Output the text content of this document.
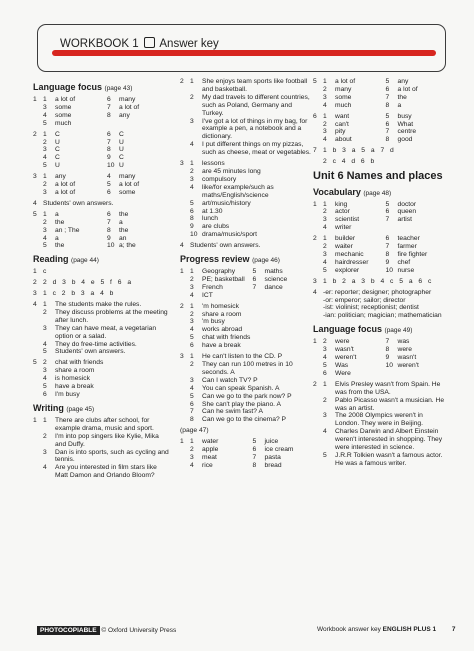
WORKBOOK 1 Answer key
Language focus (page 43)
1 1	a lot of	6	many
3	some	7	a lot of
4	some	8	any
5	much
2 1	C	6	C
2	U	7	U
3	C	8	U
4	C	9	C
5	U	10 U
3 1	any	4	many
2	a lot of	5	a lot of
3	a lot of	6	some
4 Students' own answers.
5 1	a	6	the
2	the	7	a
3	an ; The	8	the
4	a	9	an
5	the	10 a; the
Reading (page 44)
1 c
2 2 d 3 b 4 e 5 f 6 a
3 1 c 2 b 3 a 4 b
4 1	The students make the rules.
2	They discuss problems at the meeting after lunch.
3	They can have meat, a vegetarian option or a salad.
4	They do free-time activities.
5	Students' own answers.
5 2	chat with friends
3	share a room
4	is homesick
5	have a break
6	I'm busy
Writing (page 45)
1 1	There are clubs after school, for example drama, music and sport.
2	I'm into pop singers like Kylie, Mika and Duffy.
3	Dan is into sports, such as cycling and tennis.
4	Are you interested in film stars like Matt Damon and Orlando Bloom?
2 1	She enjoys team sports like football and basketball.
2	My dad travels to different countries, such as Poland, Germany and Turkey.
3	I've got a lot of things in my bag, for example a pen, a notebook and a dictionary.
4	I put different things on my pizzas, such as cheese, meat or vegetables.
3 1	lessons
2	are 45 minutes long
3	compulsory
4	like/for example/such as maths/English/science
5	art/music/history
6	at 1.30
8	lunch
9	are clubs
10 drama/music/sport
4 Students' own answers.
Progress review (page 46)
1 1	Geography	5	maths
2	PE; basketball	6	science
3	French	7	dance
4	ICT
2 1	'm homesick
2	share a room
3	'm busy
4	works abroad
5	chat with friends
6	have a break
3 1	He can't listen to the CD. P
2	They can run 100 metres in 10 seconds. A
3	Can I watch TV? P
4	You can speak Spanish. A
5	Can we go to the park now? P
6	She can't play the piano. A
7	Can he swim fast? A
8	Can we go to the cinema? P
(page 47)
1 1	water	5	juice
2	apple	6	ice cream
3	meat	7	pasta
4	rice	8	bread
5 1	a lot of	5	any
2	many	6	a lot of
3	some	7	the
4	much	8	a
6 1	want	5	busy
2	can't	6	What
3	pity	7	centre
4	about	8	good
7 1 b 3 a 5 a 7 d
2 c 4 d 6 b
Unit 6 Names and places
Vocabulary (page 48)
1 1	king	5	doctor
2	actor	6	queen
3	scientist	7	artist
4	writer
2 1	builder	6	teacher
2	waiter	7	farmer
3	mechanic	8	fire fighter
4	hairdresser	9	chef
5	explorer	10 nurse
3 1 b 2 a 3 b 4 c 5 a 6 c
4 -er: reporter; designer; photographer
-or: emperor; sailor; director
-ist: violinist; receptionist; dentist
-ian: politician; magician; mathematician
Language focus (page 49)
1 2	were	7	was
3	wasn't	8	were
4	weren't	9	wasn't
5	Was	10 weren't
6	Were
2 1	Elvis Presley wasn't from Spain. He was from the USA.
2	Pablo Picasso wasn't a musician. He was an artist.
3	The 2008 Olympics weren't in London. They were in Beijing.
4	Charles Darwin and Albert Einstein weren't interested in shopping. They were interested in science.
5	J.R.R Tolkien wasn't a famous actor. He was a famous writer.
PHOTOCOPIABLE © Oxford University Press	Workbook answer key ENGLISH PLUS 1 7
